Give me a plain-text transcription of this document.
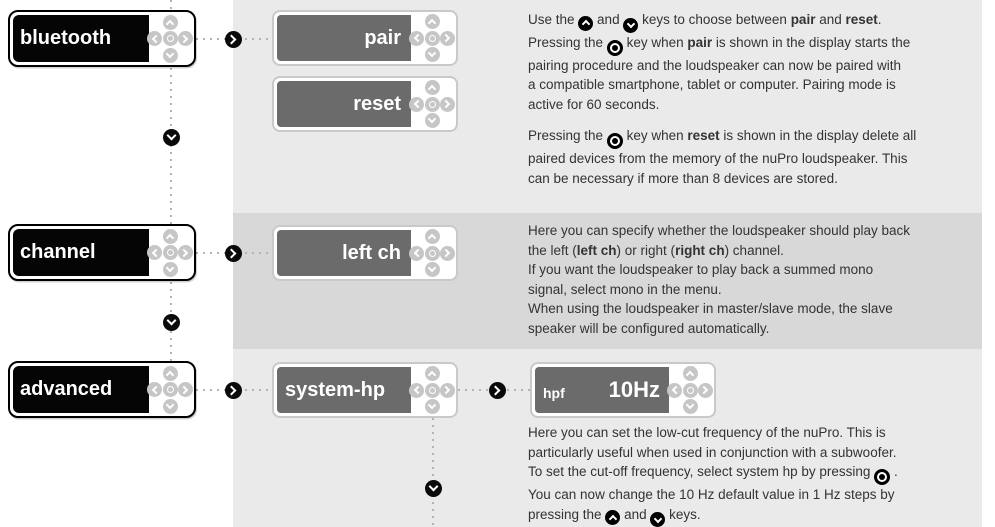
bluetooth
channel
advanced
pair
reset
left ch
system-hp	hpf 10Hz
Use the
and
keys to choose between pair and reset.
Pressing the
key when pair is shown in the display starts the
pairing procedure and the loudspeaker can now be paired with
a compatible smartphone, tablet or computer. Pairing mode is
active for 60 seconds.
Pressing the
key when reset is shown in the display delete all
paired devices from the memory of the nuPro loudspeaker. This
can be necessary if more than 8 devices are stored.
Here you can specify whether the loudspeaker should play back
the left (left ch) or right (right ch) channel.
If you want the loudspeaker to play back a summed mono
signal, select mono in the menu.
When using the loudspeaker in master/slave mode, the slave
speaker will be configured automatically.
Here you can set the low-cut frequency of the nuPro. This is
particularly useful when used in conjunction with a subwoofer.
To set the cut-off frequency, select system hp by pressing
.
You can now change the 10 Hz default value in 1 Hz steps by
pressing the
and
keys.
